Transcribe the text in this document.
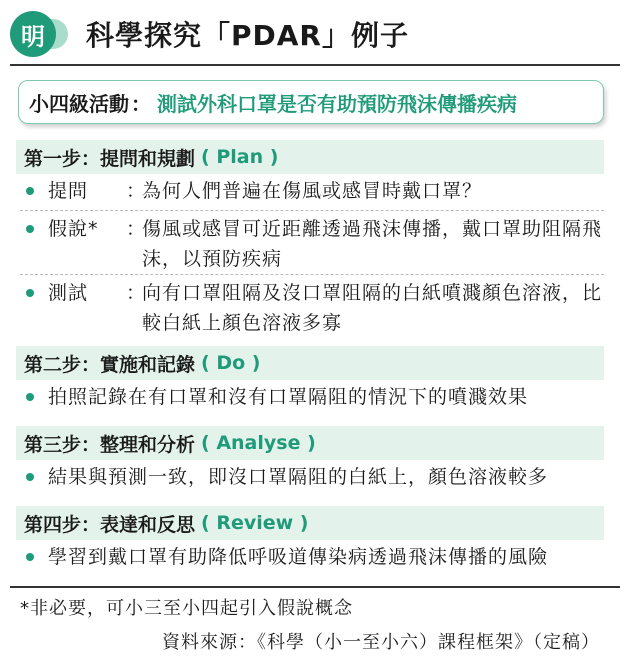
明	科學探究「PDAR」例子
小四級活動 ： 測試外科口罩是否有助預防飛沫傳播疾病
第一步：提問和規劃 ( Plan )
提問	：
為何人們普遍在傷風或感冒時戴口罩？
假說*	：
傷風或感冒可近距離透過飛沫傳播，戴口罩助阻隔飛沫，以預防疾病
測試	：
向有口罩阻隔及沒口罩阻隔的白紙噴濺顏色溶液，比較白紙上顏色溶液多寡
第二步：實施和記錄 ( Do )
拍照記錄在有口罩和沒有口罩隔阻的情況下的噴濺效果
第三步：整理和分析 ( Analyse )
結果與預測一致，即沒口罩隔阻的白紙上，顏色溶液較多
第四步：表達和反思 ( Review )
學習到戴口罩有助降低呼吸道傳染病透過飛沫傳播的風險
*非必要，可小三至小四起引入假說概念
資料來源：《科學（小一至小六）課程框架》（定稿）
